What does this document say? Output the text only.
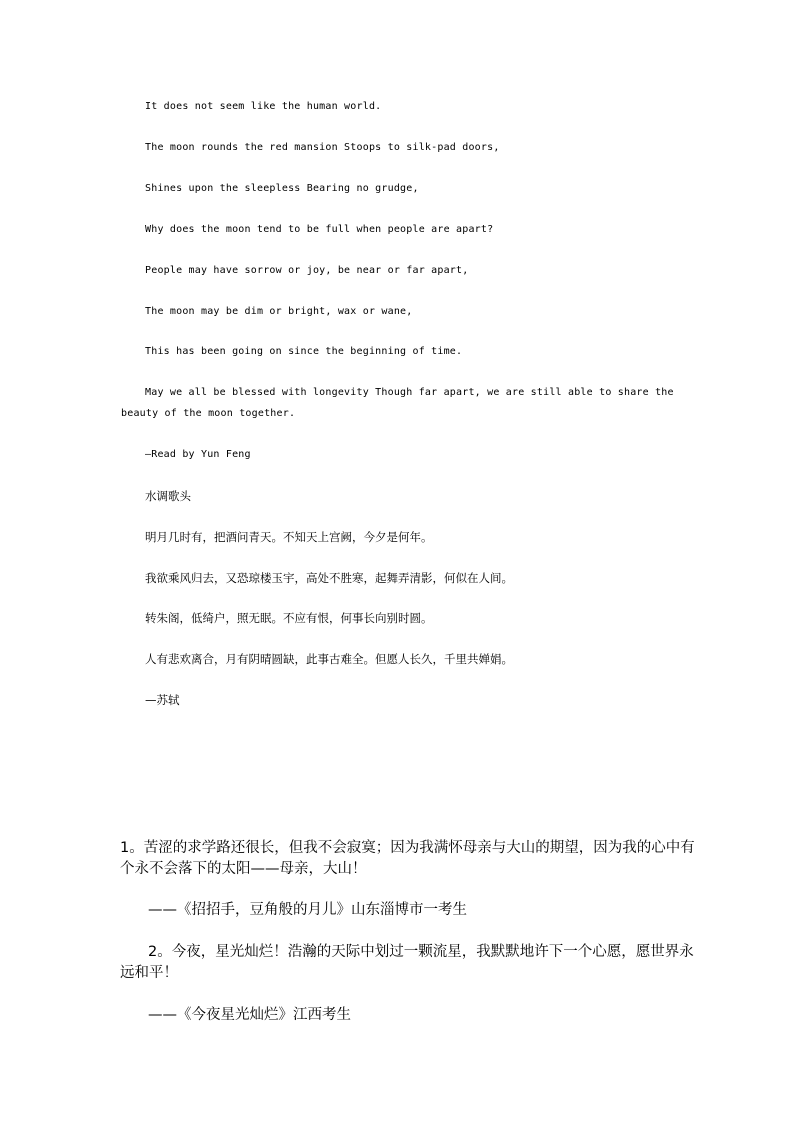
It does not seem like the human world.

The moon rounds the red mansion Stoops to silk-pad doors,

Shines upon the sleepless Bearing no grudge,

Why does the moon tend to be full when people are apart?

People may have sorrow or joy, be near or far apart,

The moon may be dim or bright, wax or wane,

This has been going on since the beginning of time.

May we all be blessed with longevity Though far apart, we are still able to share the

beauty of the moon together.

—Read by Yun Feng

水调歌头

明月几时有，把酒问青天。不知天上宫阙，今夕是何年。

我欲乘风归去，又恐琼楼玉宇，高处不胜寒，起舞弄清影，何似在人间。

转朱阁，低绮户，照无眠。不应有恨，何事长向别时圆。

人有悲欢离合，月有阴晴圆缺，此事古难全。但愿人长久，千里共婵娟。

—苏轼

1。苦涩的求学路还很长，但我不会寂寞；因为我满怀母亲与大山的期望，因为我的心中有

个永不会落下的太阳——母亲，大山！

——《招招手，豆角般的月儿》山东淄博市一考生

2。今夜，星光灿烂！浩瀚的天际中划过一颗流星，我默默地许下一个心愿，愿世界永

远和平！

——《今夜星光灿烂》江西考生
